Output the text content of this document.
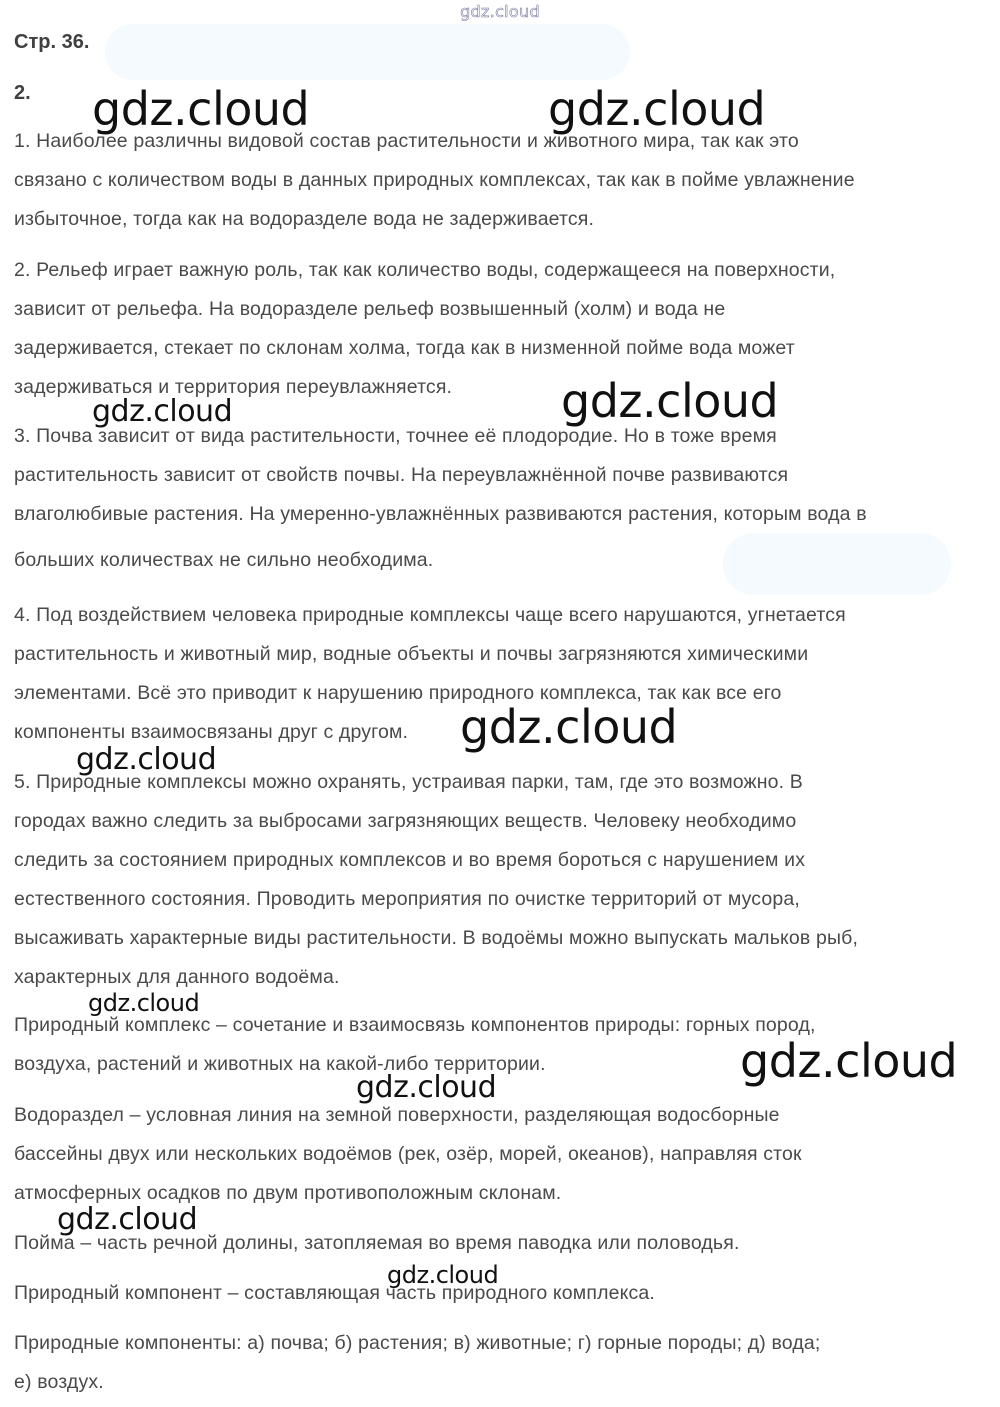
gdz.cloud
Стр. 36.
2.
1. Наиболее различны видовой состав растительности и животного мира, так как это
связано с количеством воды в данных природных комплексах, так как в пойме увлажнение
избыточное, тогда как на водоразделе вода не задерживается.
2. Рельеф играет важную роль, так как количество воды, содержащееся на поверхности,
зависит от рельефа. На водоразделе рельеф возвышенный (холм) и вода не
задерживается, стекает по склонам холма, тогда как в низменной пойме вода может
задерживаться и территория переувлажняется.
3. Почва зависит от вида растительности, точнее её плодородие. Но в тоже время
растительность зависит от свойств почвы. На переувлажнённой почве развиваются
влаголюбивые растения. На умеренно-увлажнённых развиваются растения, которым вода в
больших количествах не сильно необходима.
4. Под воздействием человека природные комплексы чаще всего нарушаются, угнетается
растительность и животный мир, водные объекты и почвы загрязняются химическими
элементами. Всё это приводит к нарушению природного комплекса, так как все его
компоненты взаимосвязаны друг с другом.
5. Природные комплексы можно охранять, устраивая парки, там, где это возможно. В
городах важно следить за выбросами загрязняющих веществ. Человеку необходимо
следить за состоянием природных комплексов и во время бороться с нарушением их
естественного состояния. Проводить мероприятия по очистке территорий от мусора,
высаживать характерные виды растительности. В водоёмы можно выпускать мальков рыб,
характерных для данного водоёма.
Природный комплекс – сочетание и взаимосвязь компонентов природы: горных пород,
воздуха, растений и животных на какой-либо территории.
Водораздел – условная линия на земной поверхности, разделяющая водосборные
бассейны двух или нескольких водоёмов (рек, озёр, морей, океанов), направляя сток
атмосферных осадков по двум противоположным склонам.
Пойма – часть речной долины, затопляемая во время паводка или половодья.
Природный компонент – составляющая часть природного комплекса.
Природные компоненты: а) почва; б) растения; в) животные; г) горные породы; д) вода;
е) воздух.
gdz.cloud	gdz.cloud
gdz.cloud	gdz.cloud
gdz.cloud
gdz.cloud
gdz.cloud
gdz.cloud
gdz.cloud
gdz.cloud
gdz.cloud
